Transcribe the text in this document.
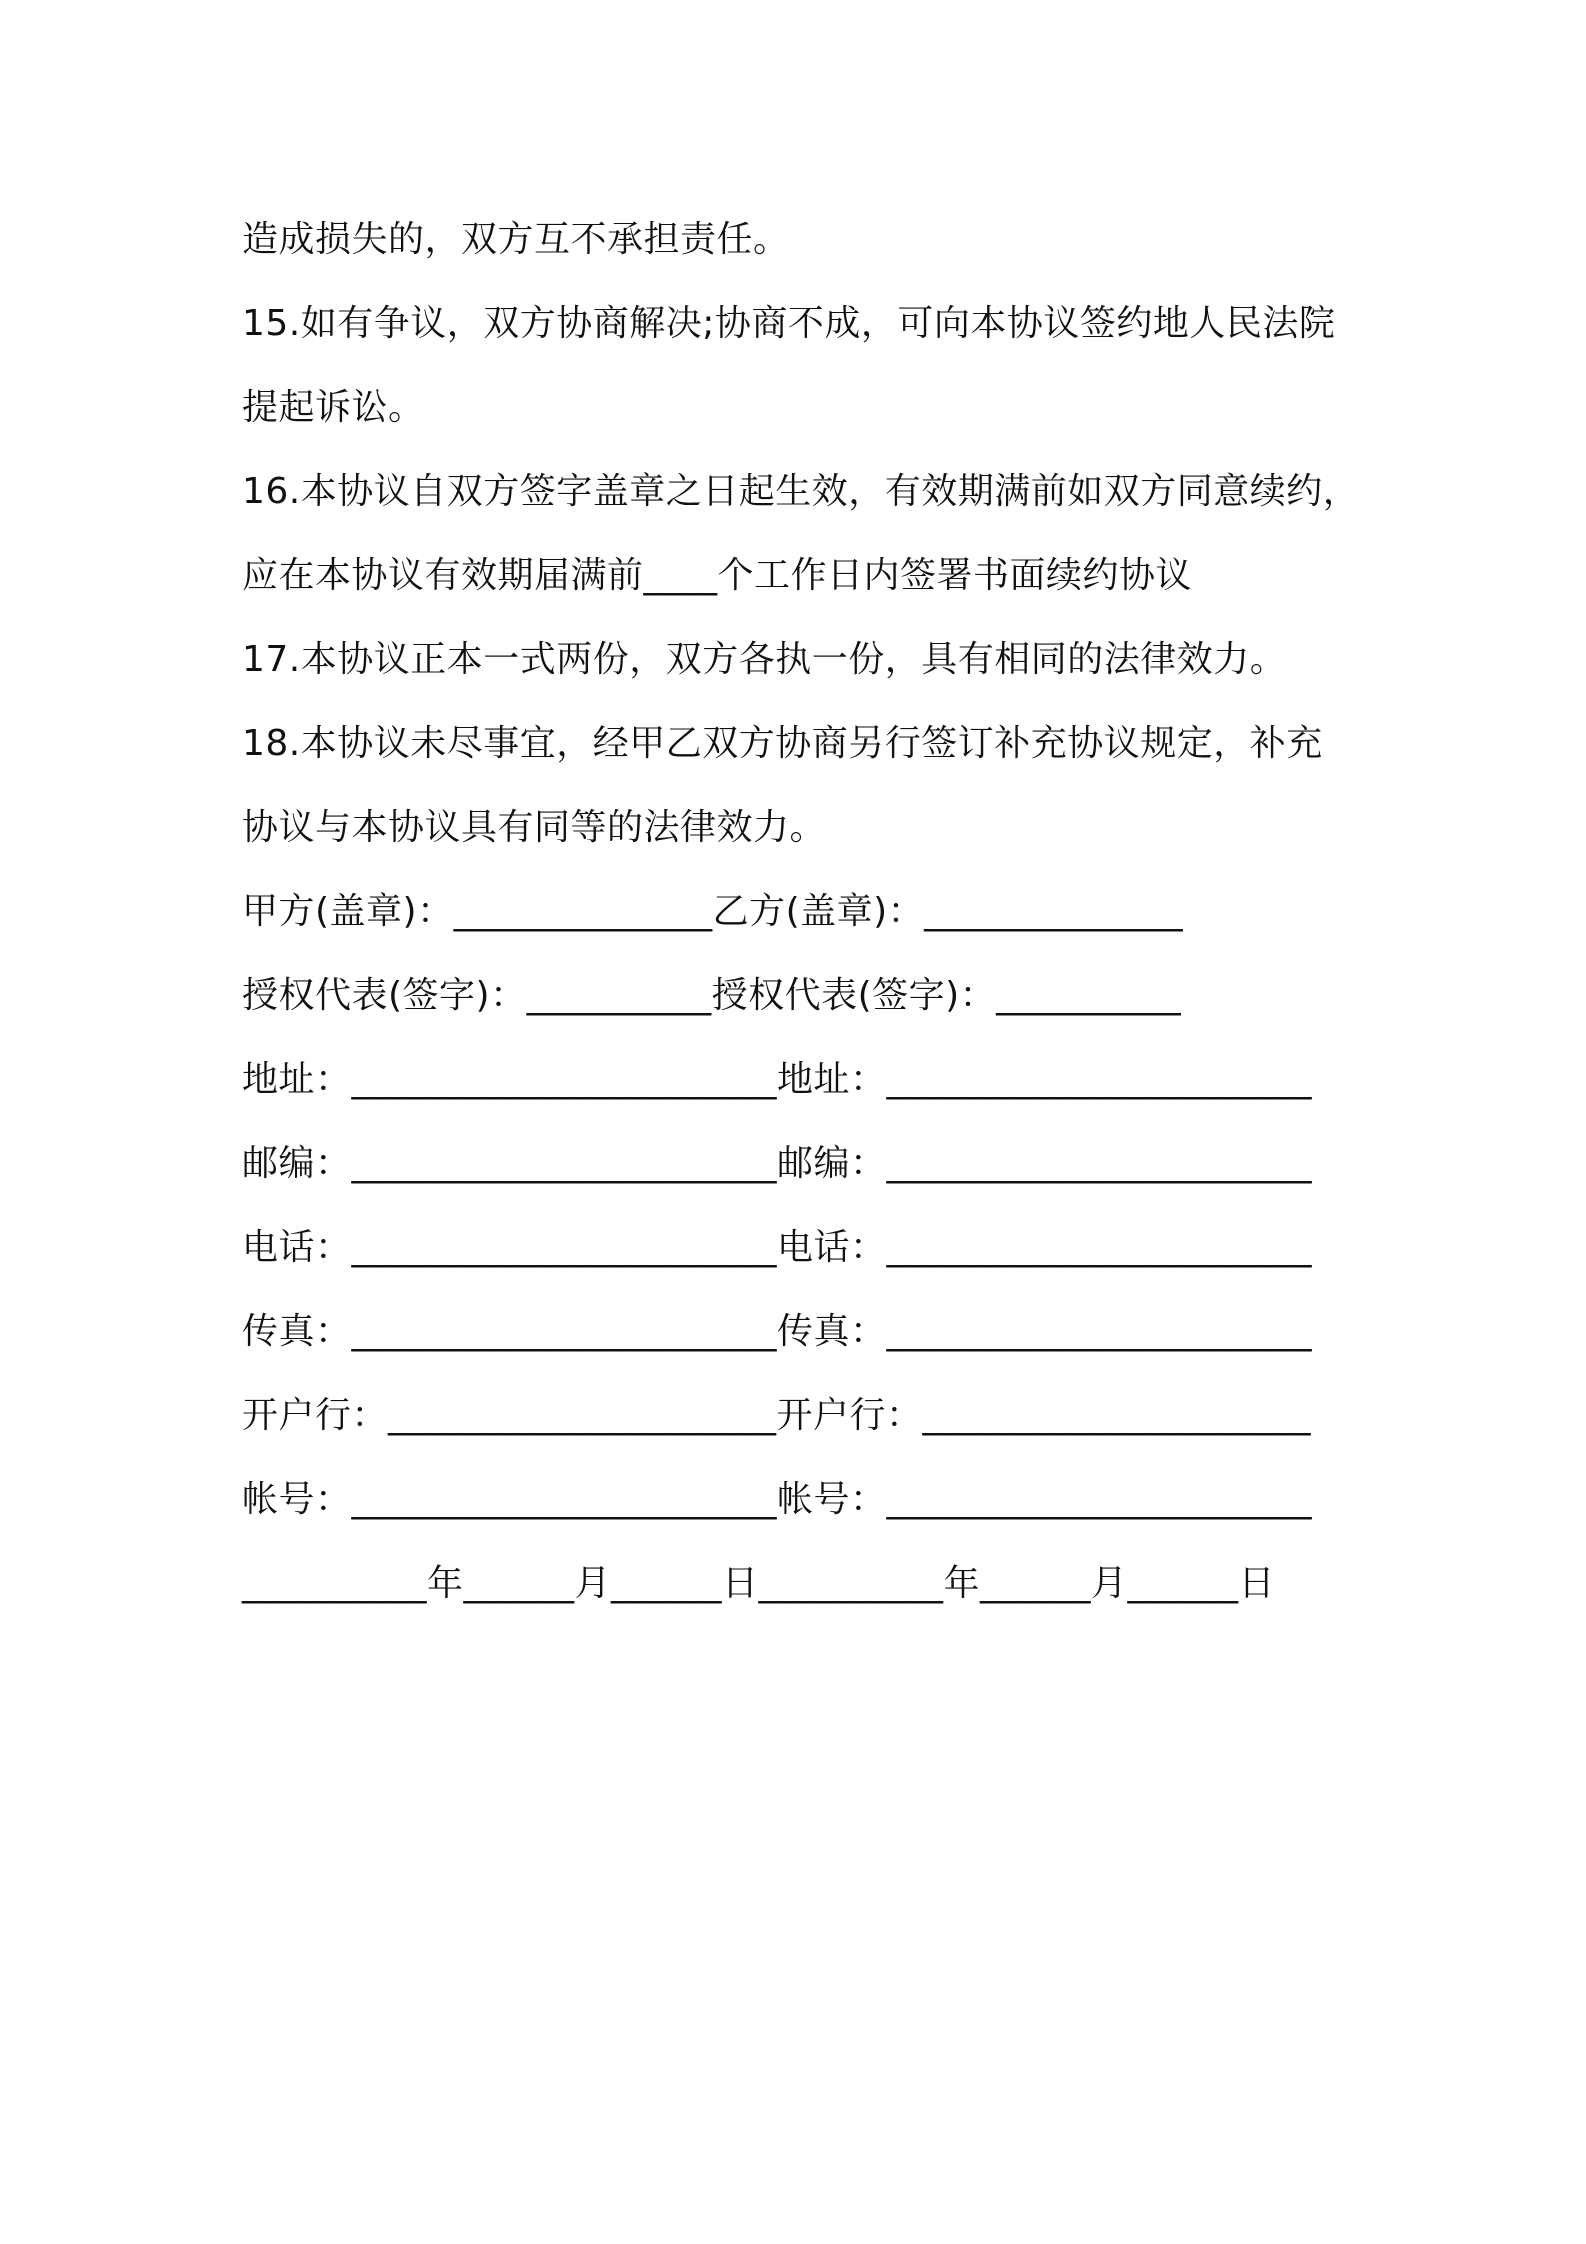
造成损失的，双方互不承担责任。
15.如有争议，双方协商解决;协商不成，可向本协议签约地人民法院
提起诉讼。
16.本协议自双方签字盖章之日起生效，有效期满前如双方同意续约，
应在本协议有效期届满前____个工作日内签署书面续约协议
17.本协议正本一式两份，双方各执一份，具有相同的法律效力。
18.本协议未尽事宜，经甲乙双方协商另行签订补充协议规定，补充
协议与本协议具有同等的法律效力。
甲方(盖章)：______________乙方(盖章)：______________
授权代表(签字)：__________授权代表(签字)：__________
地址：_______________________地址：_______________________
邮编：_______________________邮编：_______________________
电话：_______________________电话：_______________________
传真：_______________________传真：_______________________
开户行：_____________________开户行：_____________________
帐号：_______________________帐号：_______________________
__________年______月______日__________年______月______日
